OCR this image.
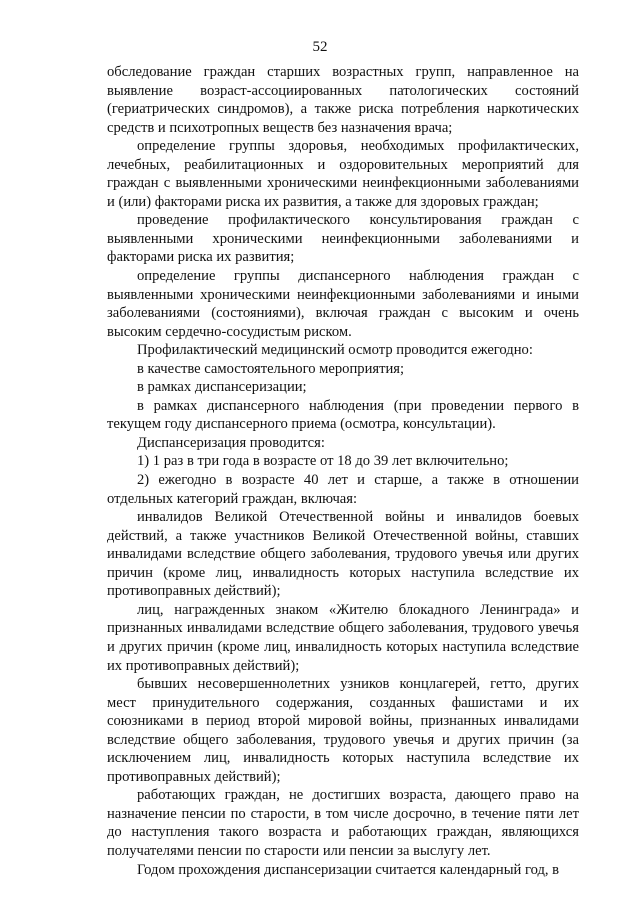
52

обследование граждан старших возрастных групп, направленное на выявление возраст-ассоциированных патологических состояний (гериатрических синдромов), а также риска потребления наркотических средств и психотропных веществ без назначения врача;

определение группы здоровья, необходимых профилактических, лечебных, реабилитационных и оздоровительных мероприятий для граждан с выявленными хроническими неинфекционными заболеваниями и (или) факторами риска их развития, а также для здоровых граждан;

проведение профилактического консультирования граждан с выявленными хроническими неинфекционными заболеваниями и факторами риска их развития;

определение группы диспансерного наблюдения граждан с выявленными хроническими неинфекционными заболеваниями и иными заболеваниями (состояниями), включая граждан с высоким и очень высоким сердечно-сосудистым риском.

Профилактический медицинский осмотр проводится ежегодно:

в качестве самостоятельного мероприятия;

в рамках диспансеризации;

в рамках диспансерного наблюдения (при проведении первого в текущем году диспансерного приема (осмотра, консультации).

Диспансеризация проводится:

1) 1 раз в три года в возрасте от 18 до 39 лет включительно;

2) ежегодно в возрасте 40 лет и старше, а также в отношении отдельных категорий граждан, включая:

инвалидов Великой Отечественной войны и инвалидов боевых действий, а также участников Великой Отечественной войны, ставших инвалидами вследствие общего заболевания, трудового увечья или других причин (кроме лиц, инвалидность которых наступила вследствие их противоправных действий);

лиц, награжденных знаком «Жителю блокадного Ленинграда» и признанных инвалидами вследствие общего заболевания, трудового увечья и других причин (кроме лиц, инвалидность которых наступила вследствие их противоправных действий);

бывших несовершеннолетних узников концлагерей, гетто, других мест принудительного содержания, созданных фашистами и их союзниками в период второй мировой войны, признанных инвалидами вследствие общего заболевания, трудового увечья и других причин (за исключением лиц, инвалидность которых наступила вследствие их противоправных действий);

работающих граждан, не достигших возраста, дающего право на назначение пенсии по старости, в том числе досрочно, в течение пяти лет до наступления такого возраста и работающих граждан, являющихся получателями пенсии по старости или пенсии за выслугу лет.

Годом прохождения диспансеризации считается календарный год, в
